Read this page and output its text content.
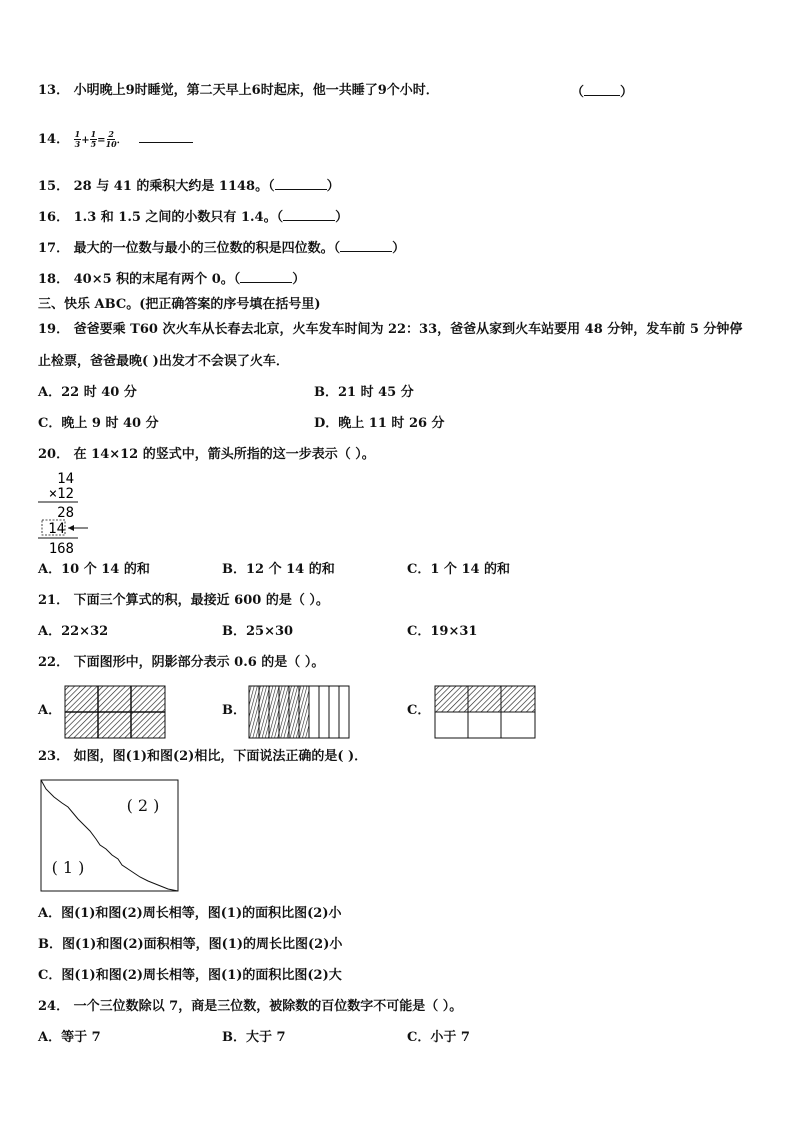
13． 小明晚上9时睡觉，第二天早上6时起床，他一共睡了9个小时．	（	）
14． $\frac{1}{3} + \frac{1}{5} = \frac{2}{10}$ ．
15． 28 与 41 的乘积大约是 1148。（	）
16． 1.3 和 1.5 之间的小数只有 1.4。（	）
17． 最大的一位数与最小的三位数的积是四位数。（	）
18． 40×5 积的末尾有两个 0。（	）
三、快乐 ABC。(把正确答案的序号填在括号里)
19． 爸爸要乘 T60 次火车从长春去北京，火车发车时间为 22：33，爸爸从家到火车站要用 48 分钟，发车前 5 分钟停
止检票，爸爸最晚( )出发才不会误了火车．
A．22 时 40 分	B．21 时 45 分
C．晚上 9 时 40 分	D．晚上 11 时 26 分
20． 在 14×12 的竖式中，箭头所指的这一步表示（ ）。
14
×12
28
14
168
A．10 个 14 的和	B．12 个 14 的和	C．1 个 14 的和
21． 下面三个算式的积，最接近 600 的是（ ）。
A．22×32	B．25×30	C．19×31
22． 下面图形中，阴影部分表示 0.6 的是（ ）。
A．	B．	C．
23． 如图，图(1)和图(2)相比，下面说法正确的是( )．
( 2 )
( 1 )
A．图(1)和图(2)周长相等，图(1)的面积比图(2)小
B．图(1)和图(2)面积相等，图(1)的周长比图(2)小
C．图(1)和图(2)周长相等，图(1)的面积比图(2)大
24． 一个三位数除以 7，商是三位数，被除数的百位数字不可能是（ ）。
A．等于 7	B．大于 7	C．小于 7
